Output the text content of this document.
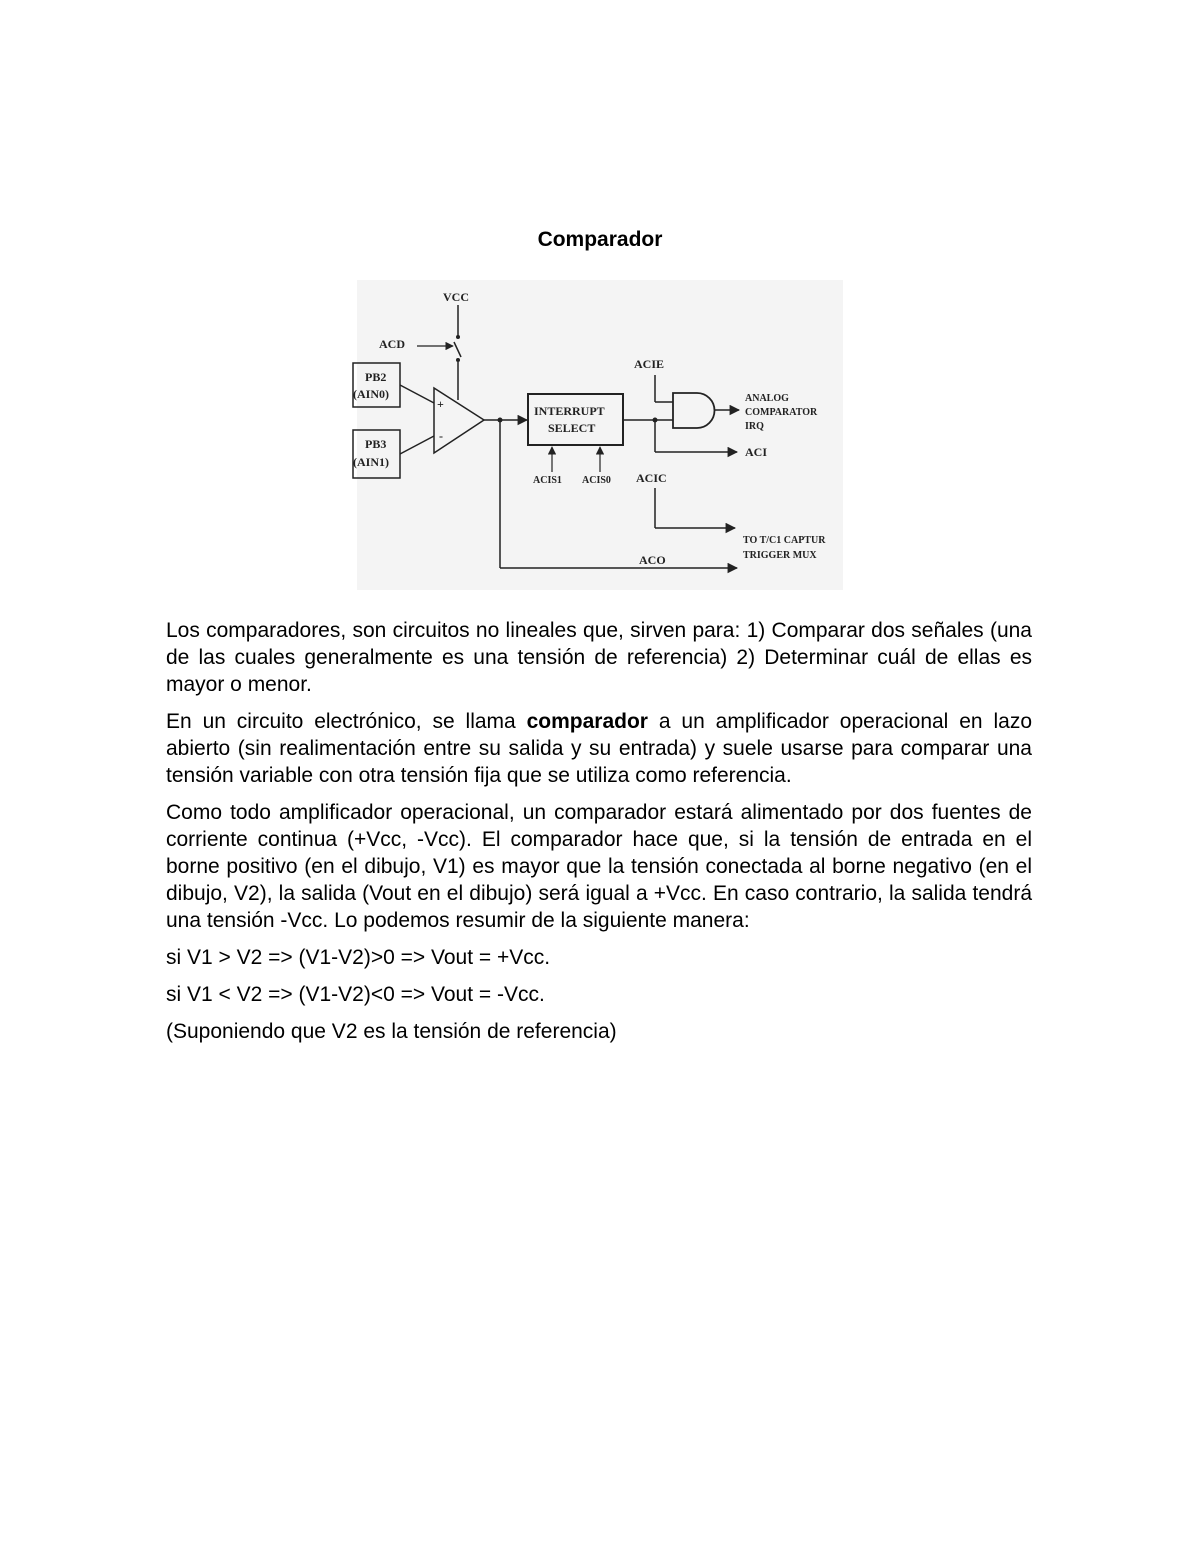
Comparador
VCC
ACD
PB2
(AIN0)
PB3
(AIN1)
+
-
ACO
INTERRUPT
SELECT
ACIS1 ACIS0
ACI
ACIE
ANALOG
COMPARATOR
IRQ
ACIC
TO T/C1 CAPTUR
TRIGGER MUX

Los comparadores, son circuitos no lineales que, sirven para: 1) Comparar dos señales (una de las cuales generalmente es una tensión de referencia) 2) Determinar cuál de ellas es mayor o menor.

En un circuito electrónico, se llama comparador a un amplificador operacional en lazo abierto (sin realimentación entre su salida y su entrada) y suele usarse para comparar una tensión variable con otra tensión fija que se utiliza como referencia.

Como todo amplificador operacional, un comparador estará alimentado por dos fuentes de corriente continua (+Vcc, -Vcc). El comparador hace que, si la tensión de entrada en el borne positivo (en el dibujo, V1) es mayor que la tensión conectada al borne negativo (en el dibujo, V2), la salida (Vout en el dibujo) será igual a +Vcc. En caso contrario, la salida tendrá una tensión -Vcc. Lo podemos resumir de la siguiente manera:

si V1 > V2 => (V1-V2)>0 => Vout = +Vcc.

si V1 < V2 => (V1-V2)<0 => Vout = -Vcc.

(Suponiendo que V2 es la tensión de referencia)
